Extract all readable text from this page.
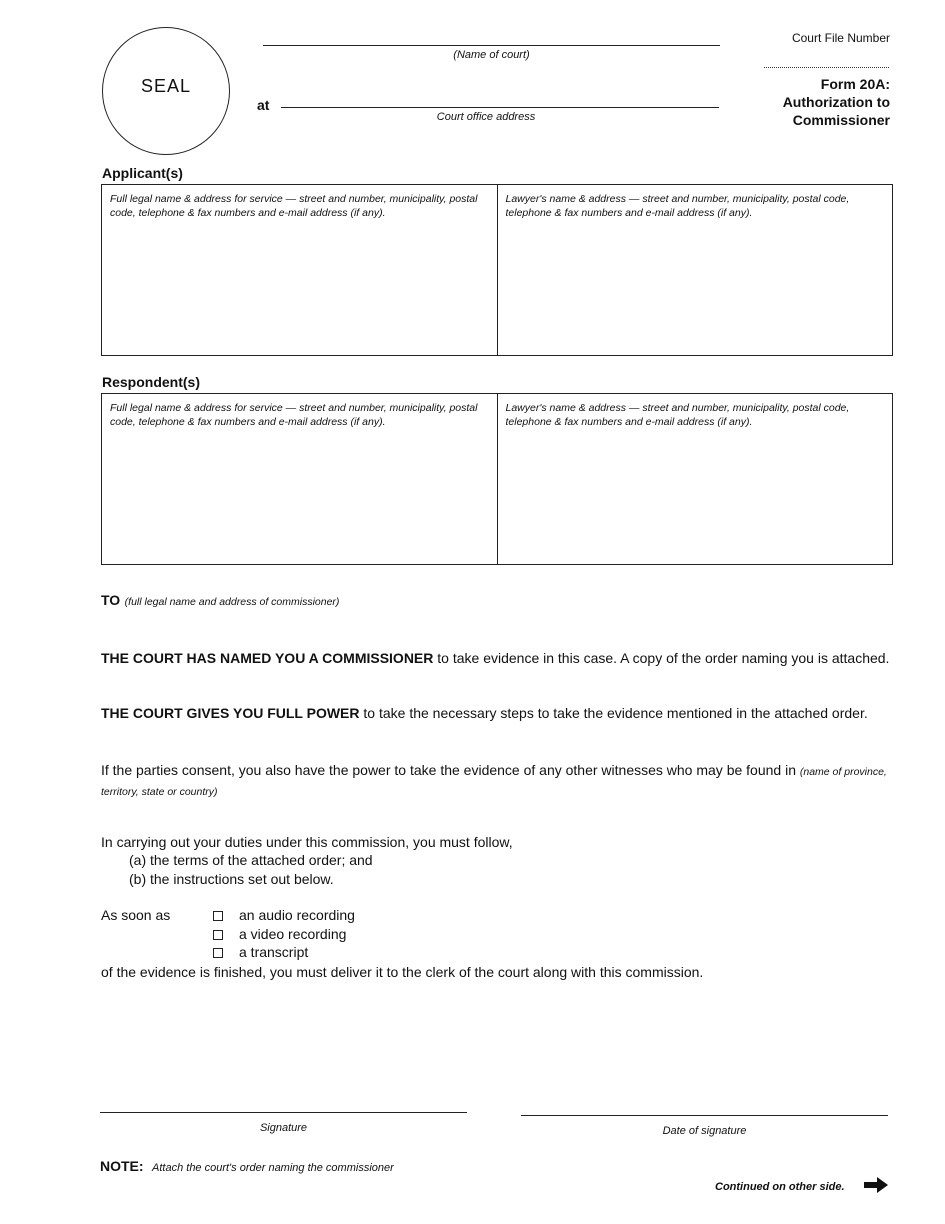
SEAL
(Name of court)
at
Court office address
Court File Number
Form 20A:
Authorization to
Commissioner
Applicant(s)
Full legal name & address for service — street and number, municipality, postal code, telephone & fax numbers and e-mail address (if any).
Lawyer's name & address — street and number, municipality, postal code, telephone & fax numbers and e-mail address (if any).
Respondent(s)
Full legal name & address for service — street and number, municipality, postal code, telephone & fax numbers and e-mail address (if any).
Lawyer's name & address — street and number, municipality, postal code, telephone & fax numbers and e-mail address (if any).
TO (full legal name and address of commissioner)
THE COURT HAS NAMED YOU A COMMISSIONER to take evidence in this case. A copy of the order naming you is attached.
THE COURT GIVES YOU FULL POWER to take the necessary steps to take the evidence mentioned in the attached order.
If the parties consent, you also have the power to take the evidence of any other witnesses who may be found in (name of province, territory, state or country)
In carrying out your duties under this commission, you must follow,
(a) the terms of the attached order; and
(b) the instructions set out below.
As soon as	an audio recording
a video recording
a transcript
of the evidence is finished, you must deliver it to the clerk of the court along with this commission.
Signature	Date of signature
NOTE: Attach the court's order naming the commissioner
Continued on other side.
